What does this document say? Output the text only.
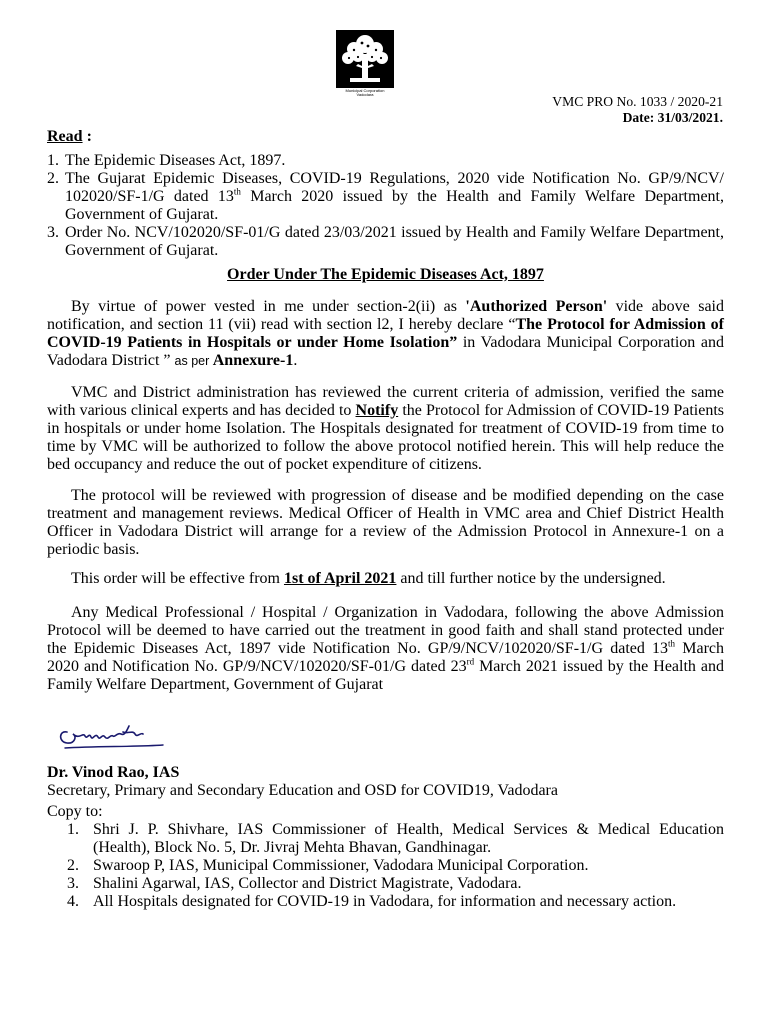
Municipal Corporation
Vadodara	VMC PRO No. 1033 / 2020-21
Date: 31/03/2021.
Read :
1. The Epidemic Diseases Act, 1897.
2. The Gujarat Epidemic Diseases, COVID-19 Regulations, 2020 vide Notification No. GP/9/NCV/ 102020/SF-1/G dated 13th March 2020 issued by the Health and Family Welfare Department, Government of Gujarat.
3. Order No. NCV/102020/SF-01/G dated 23/03/2021 issued by Health and Family Welfare Department, Government of Gujarat.
Order Under The Epidemic Diseases Act, 1897
By virtue of power vested in me under section-2(ii) as 'Authorized Person' vide above said notification, and section 11 (vii) read with section l2, I hereby declare “The Protocol for Admission of COVID-19 Patients in Hospitals or under Home Isolation” in Vadodara Municipal Corporation and Vadodara District ” as per Annexure-1.
VMC and District administration has reviewed the current criteria of admission, verified the same with various clinical experts and has decided to Notify the Protocol for Admission of COVID-19 Patients in hospitals or under home Isolation. The Hospitals designated for treatment of COVID-19 from time to time by VMC will be authorized to follow the above protocol notified herein. This will help reduce the bed occupancy and reduce the out of pocket expenditure of citizens.
The protocol will be reviewed with progression of disease and be modified depending on the case treatment and management reviews. Medical Officer of Health in VMC area and Chief District Health Officer in Vadodara District will arrange for a review of the Admission Protocol in Annexure-1 on a periodic basis.
This order will be effective from 1st of April 2021 and till further notice by the undersigned.
Any Medical Professional / Hospital / Organization in Vadodara, following the above Admission Protocol will be deemed to have carried out the treatment in good faith and shall stand protected under the Epidemic Diseases Act, 1897 vide Notification No. GP/9/NCV/102020/SF-1/G dated 13th March 2020 and Notification No. GP/9/NCV/102020/SF-01/G dated 23rd March 2021 issued by the Health and Family Welfare Department, Government of Gujarat
Dr. Vinod Rao, IAS
Secretary, Primary and Secondary Education and OSD for COVID19, Vadodara
Copy to:
1. Shri J. P. Shivhare, IAS Commissioner of Health, Medical Services & Medical Education (Health), Block No. 5, Dr. Jivraj Mehta Bhavan, Gandhinagar.
2. Swaroop P, IAS, Municipal Commissioner, Vadodara Municipal Corporation.
3. Shalini Agarwal, IAS, Collector and District Magistrate, Vadodara.
4. All Hospitals designated for COVID-19 in Vadodara, for information and necessary action.
